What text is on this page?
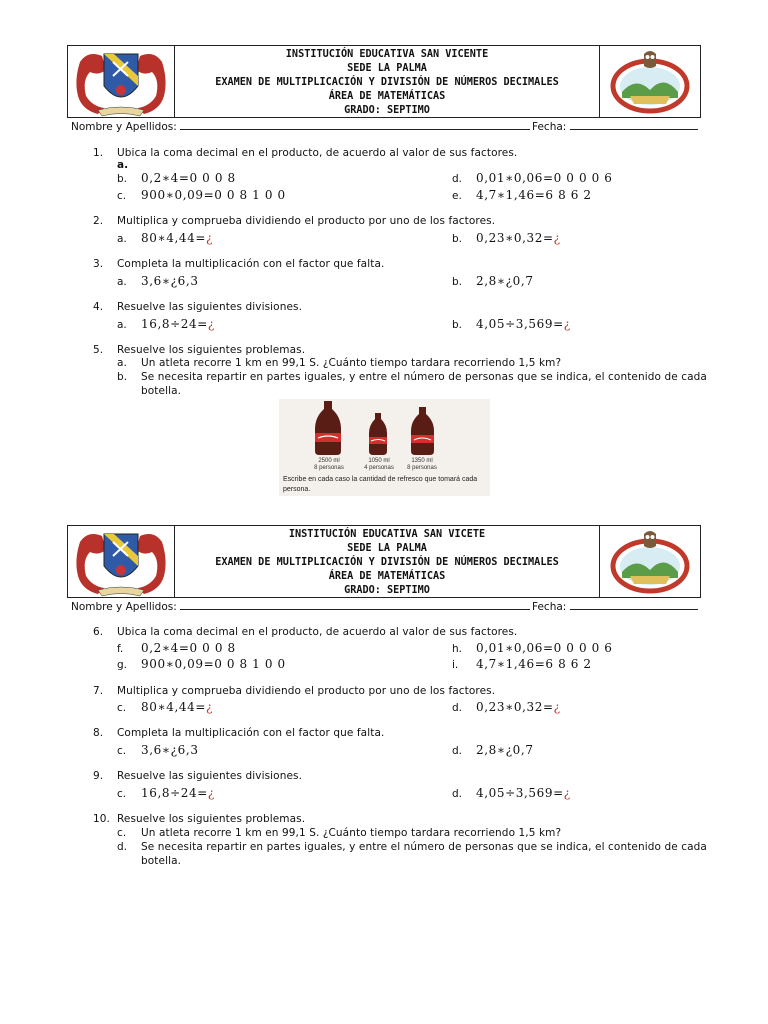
INSTITUCIÓN EDUCATIVA SAN VICENTE
SEDE LA PALMA
EXAMEN DE MULTIPLICACIÓN Y DIVISIÓN DE NÚMEROS DECIMALES
ÁREA DE MATEMÁTICAS
GRADO: SEPTIMO
Nombre y Apellidos:	Fecha:
1. Ubica la coma decimal en el producto, de acuerdo al valor de sus factores.
a.
b. 0,2∗4=0 0 0 8	d. 0,01∗0,06=0 0 0 0 6
c. 900∗0,09=0 0 8 1 0 0	e. 4,7∗1,46=6 8 6 2
2. Multiplica y comprueba dividiendo el producto por uno de los factores.
a. 80∗4,44=¿	b. 0,23∗0,32=¿
3. Completa la multiplicación con el factor que falta.
a. 3,6∗¿6,3	b. 2,8∗¿0,7
4. Resuelve las siguientes divisiones.
a. 16,8÷24=¿	b. 4,05÷3,569=¿
5. Resuelve los siguientes problemas.
a. Un atleta recorre 1 km en 99,1 S. ¿Cuánto tiempo tardara recorriendo 1,5 km?
b. Se necesita repartir en partes iguales, y entre el número de personas que se indica, el contenido de cada
botella.
2500 ml
8 personas
1050 ml
4 personas
1350 ml
8 personas
Escribe en cada caso la cantidad de refresco que tomará cada
persona.
INSTITUCIÓN EDUCATIVA SAN VICETE
SEDE LA PALMA
EXAMEN DE MULTIPLICACIÓN Y DIVISIÓN DE NÚMEROS DECIMALES
ÁREA DE MATEMÁTICAS
GRADO: SEPTIMO
Nombre y Apellidos:	Fecha:
6. Ubica la coma decimal en el producto, de acuerdo al valor de sus factores.
f. 0,2∗4=0 0 0 8	h. 0,01∗0,06=0 0 0 0 6
g. 900∗0,09=0 0 8 1 0 0	i. 4,7∗1,46=6 8 6 2
7. Multiplica y comprueba dividiendo el producto por uno de los factores.
c. 80∗4,44=¿	d. 0,23∗0,32=¿
8. Completa la multiplicación con el factor que falta.
c. 3,6∗¿6,3	d. 2,8∗¿0,7
9. Resuelve las siguientes divisiones.
c. 16,8÷24=¿	d. 4,05÷3,569=¿
10. Resuelve los siguientes problemas.
c. Un atleta recorre 1 km en 99,1 S. ¿Cuánto tiempo tardara recorriendo 1,5 km?
d. Se necesita repartir en partes iguales, y entre el número de personas que se indica, el contenido de cada
botella.
